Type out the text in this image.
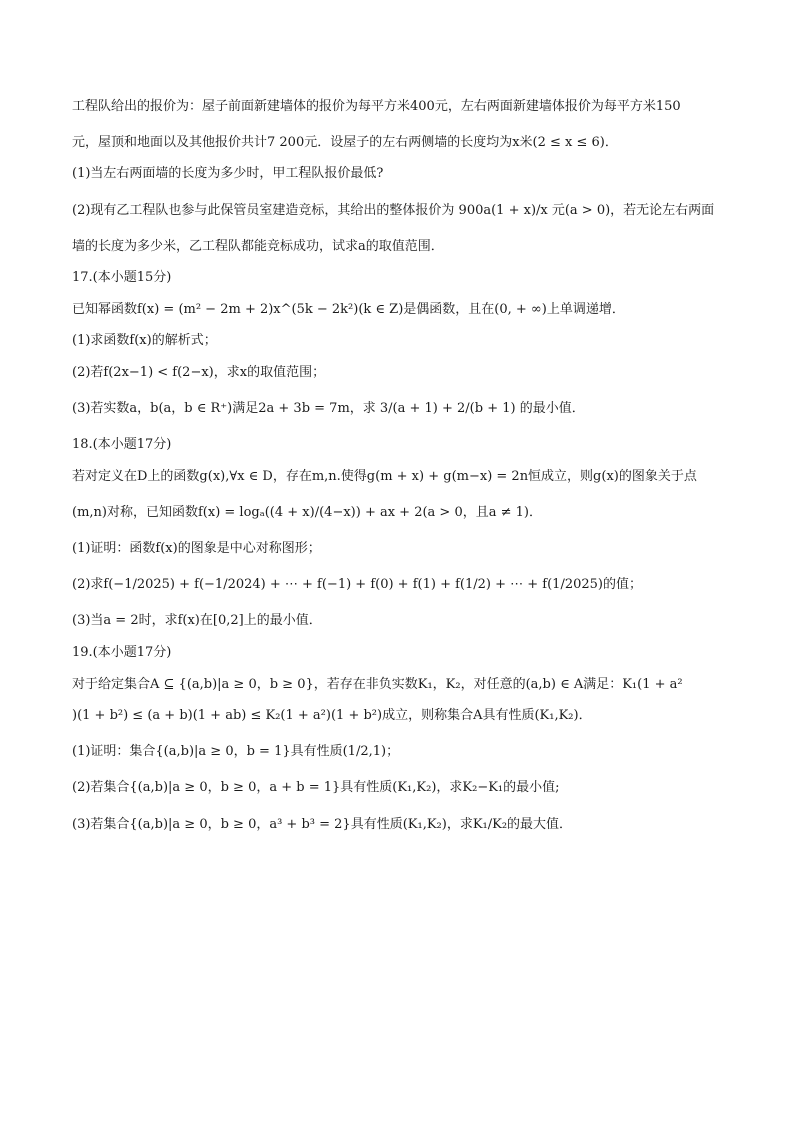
工程队给出的报价为：屋子前面新建墙体的报价为每平方米400元，左右两面新建墙体报价为每平方米150
元，屋顶和地面以及其他报价共计7 200元．设屋子的左右两侧墙的长度均为x米(2 ≤ x ≤ 6)．
(1)当左右两面墙的长度为多少时，甲工程队报价最低?
(2)现有乙工程队也参与此保管员室建造竞标，其给出的整体报价为 900a(1 + x)/x 元(a > 0)，若无论左右两面
墙的长度为多少米，乙工程队都能竞标成功，试求a的取值范围．
17.(本小题15分)
已知幂函数f(x) = (m² − 2m + 2)x^(5k − 2k²)(k ∈ Z)是偶函数，且在(0, + ∞)上单调递增．
(1)求函数f(x)的解析式；
(2)若f(2x−1) < f(2−x)，求x的取值范围；
(3)若实数a，b(a，b ∈ R⁺)满足2a + 3b = 7m，求 3/(a + 1) + 2/(b + 1) 的最小值．
18.(本小题17分)
若对定义在D上的函数g(x),∀x ∈ D，存在m,n.使得g(m + x) + g(m−x) = 2n恒成立，则g(x)的图象关于点
(m,n)对称，已知函数f(x) = logₐ((4 + x)/(4−x)) + ax + 2(a > 0，且a ≠ 1)．
(1)证明：函数f(x)的图象是中心对称图形；
(2)求f(−1/2025) + f(−1/2024) + ⋯ + f(−1) + f(0) + f(1) + f(1/2) + ⋯ + f(1/2025)的值；
(3)当a = 2时，求f(x)在[0,2]上的最小值．
19.(本小题17分)
对于给定集合A ⊆ {(a,b)|a ≥ 0，b ≥ 0}，若存在非负实数K₁，K₂，对任意的(a,b) ∈ A满足：K₁(1 + a²
)(1 + b²) ≤ (a + b)(1 + ab) ≤ K₂(1 + a²)(1 + b²)成立，则称集合A具有性质(K₁,K₂)．
(1)证明：集合{(a,b)|a ≥ 0，b = 1}具有性质(1/2,1)；
(2)若集合{(a,b)|a ≥ 0，b ≥ 0，a + b = 1}具有性质(K₁,K₂)，求K₂−K₁的最小值;
(3)若集合{(a,b)|a ≥ 0，b ≥ 0，a³ + b³ = 2}具有性质(K₁,K₂)，求K₁/K₂的最大值．
